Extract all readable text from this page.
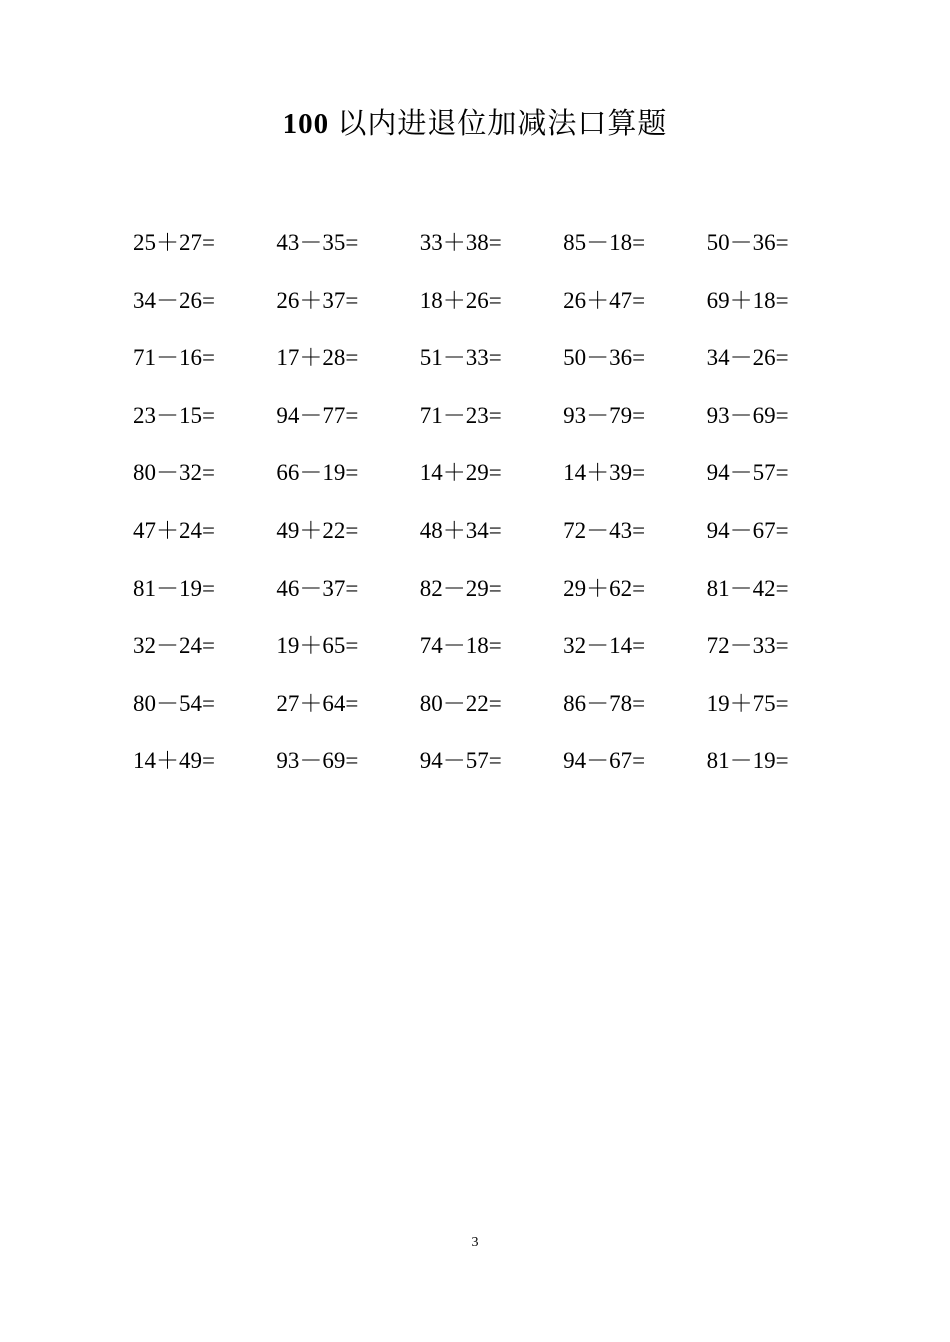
100 以内进退位加减法口算题
25＋27=	43－35=	33＋38=	85－18=	50－36=
34－26=	26＋37=	18＋26=	26＋47=	69＋18=
71－16=	17＋28=	51－33=	50－36=	34－26=
23－15=	94－77=	71－23=	93－79=	93－69=
80－32=	66－19=	14＋29=	14＋39=	94－57=
47＋24=	49＋22=	48＋34=	72－43=	94－67=
81－19=	46－37=	82－29=	29＋62=	81－42=
32－24=	19＋65=	74－18=	32－14=	72－33=
80－54=	27＋64=	80－22=	86－78=	19＋75=
14＋49=	93－69=	94－57=	94－67=	81－19=
3
